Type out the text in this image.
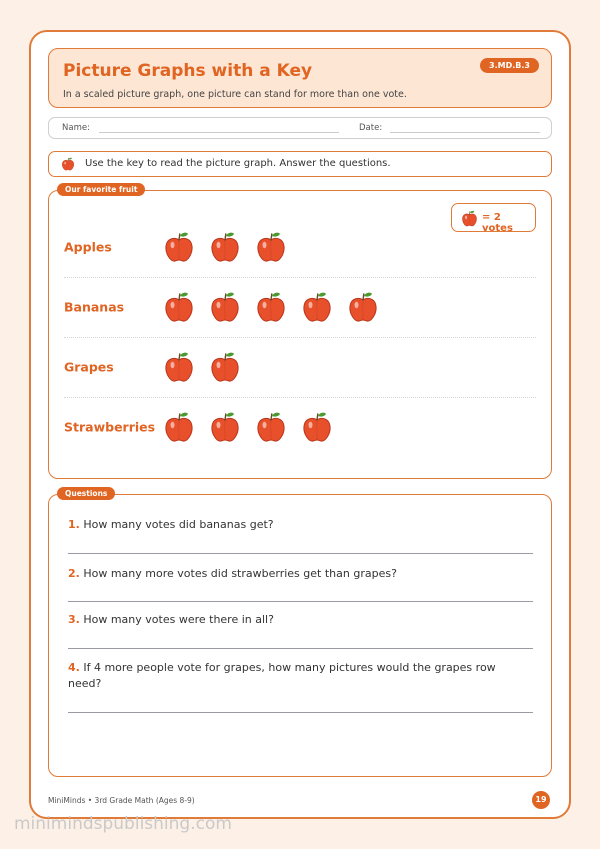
Picture Graphs with a Key
In a scaled picture graph, one picture can stand for more than one vote.
3.MD.B.3
Name:	Date:
Use the key to read the picture graph. Answer the questions.
Our favorite fruit
= 2 votes
Apples
Bananas
Grapes
Strawberries
Questions
1. How many votes did bananas get?
2. How many more votes did strawberries get than grapes?
3. How many votes were there in all?
4. If 4 more people vote for grapes, how many pictures would the grapes row need?
MiniMinds • 3rd Grade Math (Ages 8-9)	19
minimindspublishing.com
